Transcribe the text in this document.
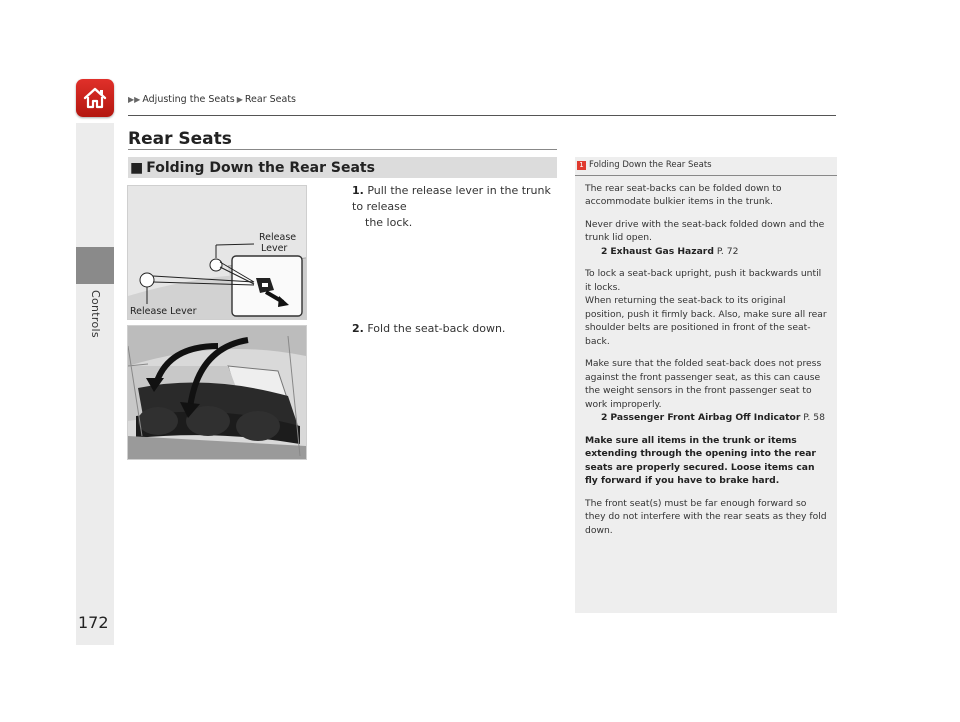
Controls
172
▶▶ Adjusting the Seats ▶ Rear Seats
Rear Seats
■ Folding Down the Rear Seats
Release
Lever
Release Lever
1. Pull the release lever in the trunk to release
the lock.
2. Fold the seat-back down.
1 Folding Down the Rear Seats

The rear seat-backs can be folded down to accommodate bulkier items in the trunk.

Never drive with the seat-back folded down and the trunk lid open.
2 Exhaust Gas Hazard P. 72

To lock a seat-back upright, push it backwards until it locks.

When returning the seat-back to its original position, push it firmly back. Also, make sure all rear shoulder belts are positioned in front of the seat-back.

Make sure that the folded seat-back does not press against the front passenger seat, as this can cause the weight sensors in the front passenger seat to work improperly.
2 Passenger Front Airbag Off Indicator P. 58

Make sure all items in the trunk or items extending through the opening into the rear seats are properly secured. Loose items can fly forward if you have to brake hard.

The front seat(s) must be far enough forward so they do not interfere with the rear seats as they fold down.
